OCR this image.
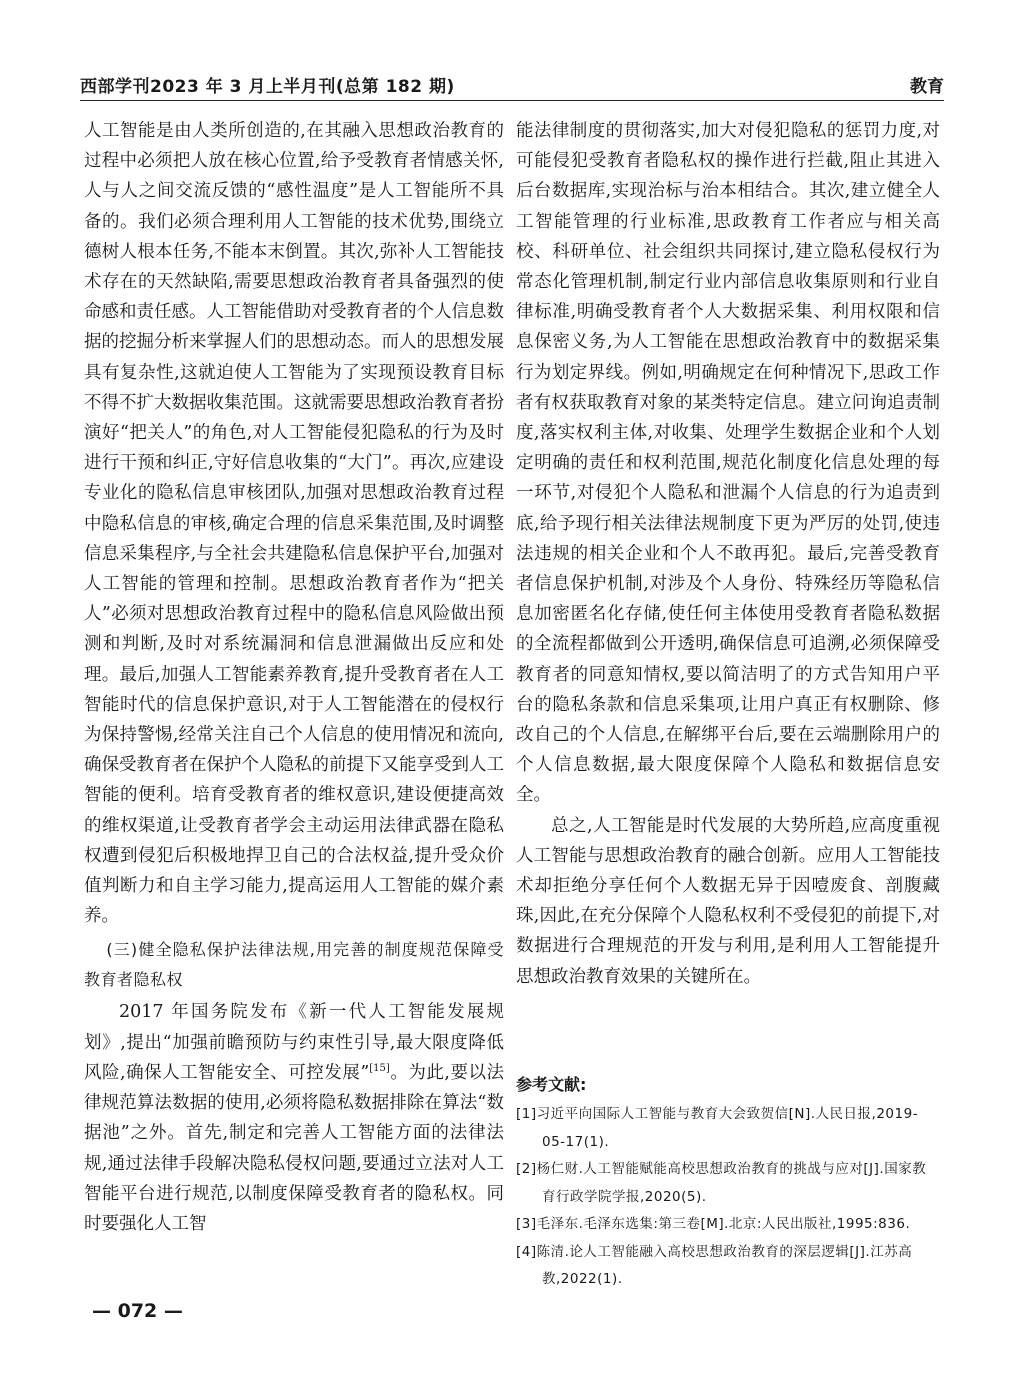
西部学刊2023 年 3 月上半月刊(总第 182 期)	教育

人工智能是由人类所创造的,在其融入思想政治教育的过程中必须把人放在核心位置,给予受教育者情感关怀,人与人之间交流反馈的“感性温度”是人工智能所不具备的。我们必须合理利用人工智能的技术优势,围绕立德树人根本任务,不能本末倒置。其次,弥补人工智能技术存在的天然缺陷,需要思想政治教育者具备强烈的使命感和责任感。人工智能借助对受教育者的个人信息数据的挖掘分析来掌握人们的思想动态。而人的思想发展具有复杂性,这就迫使人工智能为了实现预设教育目标不得不扩大数据收集范围。这就需要思想政治教育者扮演好“把关人”的角色,对人工智能侵犯隐私的行为及时进行干预和纠正,守好信息收集的“大门”。再次,应建设专业化的隐私信息审核团队,加强对思想政治教育过程中隐私信息的审核,确定合理的信息采集范围,及时调整信息采集程序,与全社会共建隐私信息保护平台,加强对人工智能的管理和控制。思想政治教育者作为“把关人”必须对思想政治教育过程中的隐私信息风险做出预测和判断,及时对系统漏洞和信息泄漏做出反应和处理。最后,加强人工智能素养教育,提升受教育者在人工智能时代的信息保护意识,对于人工智能潜在的侵权行为保持警惕,经常关注自己个人信息的使用情况和流向,确保受教育者在保护个人隐私的前提下又能享受到人工智能的便利。培育受教育者的维权意识,建设便捷高效的维权渠道,让受教育者学会主动运用法律武器在隐私权遭到侵犯后积极地捍卫自己的合法权益,提升受众价值判断力和自主学习能力,提高运用人工智能的媒介素养。

(三)健全隐私保护法律法规,用完善的制度规范保障受教育者隐私权

2017 年国务院发布《新一代人工智能发展规划》,提出“加强前瞻预防与约束性引导,最大限度降低风险,确保人工智能安全、可控发展”[15]。为此,要以法律规范算法数据的使用,必须将隐私数据排除在算法“数据池”之外。首先,制定和完善人工智能方面的法律法规,通过法律手段解决隐私侵权问题,要通过立法对人工智能平台进行规范,以制度保障受教育者的隐私权。同时要强化人工智

能法律制度的贯彻落实,加大对侵犯隐私的惩罚力度,对可能侵犯受教育者隐私权的操作进行拦截,阻止其进入后台数据库,实现治标与治本相结合。其次,建立健全人工智能管理的行业标准,思政教育工作者应与相关高校、科研单位、社会组织共同探讨,建立隐私侵权行为常态化管理机制,制定行业内部信息收集原则和行业自律标准,明确受教育者个人大数据采集、利用权限和信息保密义务,为人工智能在思想政治教育中的数据采集行为划定界线。例如,明确规定在何种情况下,思政工作者有权获取教育对象的某类特定信息。建立问询追责制度,落实权利主体,对收集、处理学生数据企业和个人划定明确的责任和权利范围,规范化制度化信息处理的每一环节,对侵犯个人隐私和泄漏个人信息的行为追责到底,给予现行相关法律法规制度下更为严厉的处罚,使违法违规的相关企业和个人不敢再犯。最后,完善受教育者信息保护机制,对涉及个人身份、特殊经历等隐私信息加密匿名化存储,使任何主体使用受教育者隐私数据的全流程都做到公开透明,确保信息可追溯,必须保障受教育者的同意知情权,要以简洁明了的方式告知用户平台的隐私条款和信息采集项,让用户真正有权删除、修改自己的个人信息,在解绑平台后,要在云端删除用户的个人信息数据,最大限度保障个人隐私和数据信息安全。

总之,人工智能是时代发展的大势所趋,应高度重视人工智能与思想政治教育的融合创新。应用人工智能技术却拒绝分享任何个人数据无异于因噎废食、剖腹藏珠,因此,在充分保障个人隐私权利不受侵犯的前提下,对数据进行合理规范的开发与利用,是利用人工智能提升思想政治教育效果的关键所在。

参考文献:
[1]习近平向国际人工智能与教育大会致贺信[N].人民日报,2019-05-17(1).
[2]杨仁财.人工智能赋能高校思想政治教育的挑战与应对[J].国家教育行政学院学报,2020(5).
[3]毛泽东.毛泽东选集:第三卷[M].北京:人民出版社,1995:836.
[4]陈清.论人工智能融入高校思想政治教育的深层逻辑[J].江苏高教,2022(1).
— 072 —
